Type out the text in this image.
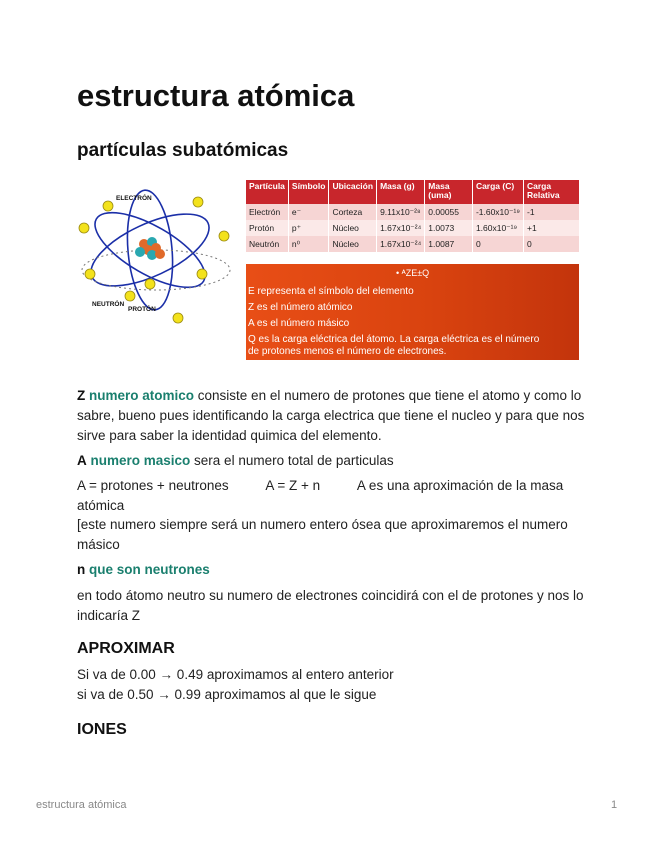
estructura atómica
partículas subatómicas
ELECTRÓN
NEUTRÓN
PROTÓN
Partícula	Símbolo	Ubicación	Masa (g)	Masa (uma)	Carga (C)	Carga Relativa
Electrón	e⁻	Corteza	9.11x10⁻²⁸	0.00055	-1.60x10⁻¹⁹	-1
Protón	p⁺	Núcleo	1.67x10⁻²⁴	1.0073	1.60x10⁻¹⁹	+1
Neutrón	n⁰	Núcleo	1.67x10⁻²⁴	1.0087	0	0
• ᴬZE±Q
E representa el símbolo del elemento
Z es el número atómico
A es el número másico
Q es la carga eléctrica del átomo. La carga eléctrica es el número
de protones menos el número de electrones.

Z numero atomico consiste en el numero de protones que tiene el atomo y como lo sabre, bueno pues identificando la carga electrica que tiene el nucleo y para que nos sirve para saber la identidad quimica del elemento.

A numero masico sera el numero total de particulas

A = protones + neutrones          A = Z + n          A es una aproximación de la masa atómica

[este numero siempre será un numero entero ósea que aproximaremos el numero másico

n que son neutrones

en todo átomo neutro su numero de electrones coincidirá con el de protones y nos lo indicaría Z

APROXIMAR

Si va de 0.00 → 0.49 aproximamos al entero anterior

si va de 0.50 → 0.99 aproximamos al que le sigue

IONES
estructura atómica	1
